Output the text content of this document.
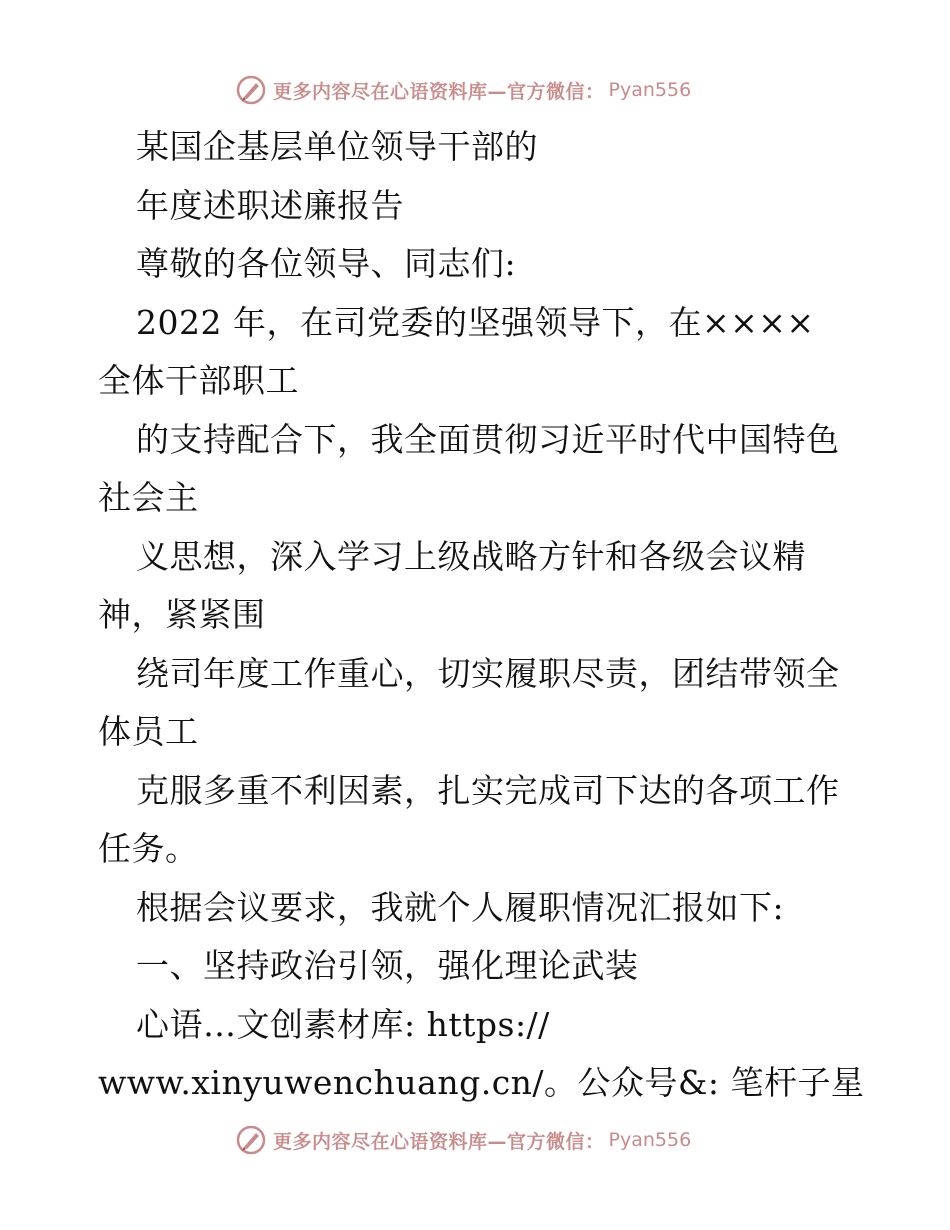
更多内容尽在心语资料库—官方微信： Pyan556
某国企基层单位领导干部的
年度述职述廉报告
尊敬的各位领导、同志们:
2022 年，在司党委的坚强领导下，在××××
全体干部职工
的支持配合下，我全面贯彻习近平时代中国特色
社会主
义思想，深入学习上级战略方针和各级会议精
神，紧紧围
绕司年度工作重心，切实履职尽责，团结带领全
体员工
克服多重不利因素，扎实完成司下达的各项工作
任务。
根据会议要求，我就个人履职情况汇报如下:
一、坚持政治引领，强化理论武装
心语…文创素材库: https://
www.xinyuwenchuang.cn/。公众号&: 笔杆子星
更多内容尽在心语资料库—官方微信： Pyan556
